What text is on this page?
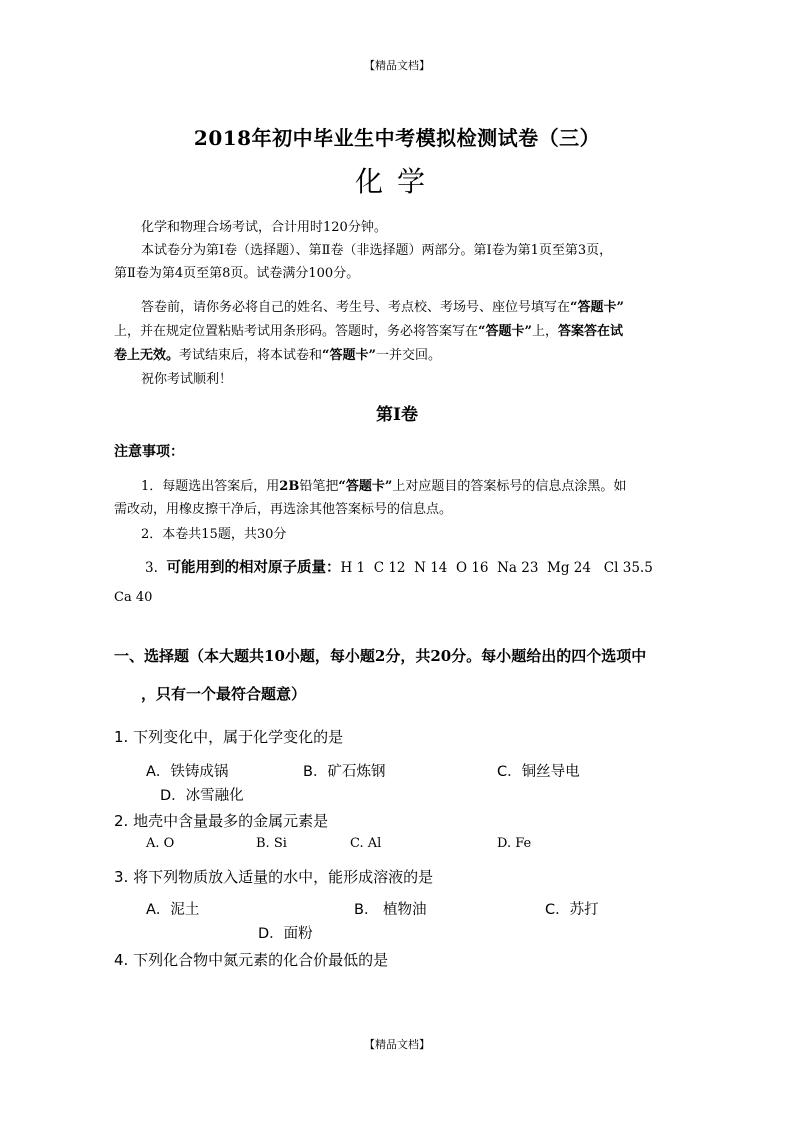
【精品文档】
2018年初中毕业生中考模拟检测试卷（三）
化学
化学和物理合场考试，合计用时120分钟。
本试卷分为第Ⅰ卷（选择题）、第Ⅱ卷（非选择题）两部分。第Ⅰ卷为第1页至第3页，
第Ⅱ卷为第4页至第8页。试卷满分100分。
答卷前，请你务必将自己的姓名、考生号、考点校、考场号、座位号填写在“答题卡”
上，并在规定位置粘贴考试用条形码。答题时，务必将答案写在“答题卡”上，答案答在试
卷上无效。考试结束后，将本试卷和“答题卡”一并交回。
祝你考试顺利！
第I卷
注意事项：
1．每题选出答案后，用2B铅笔把“答题卡”上对应题目的答案标号的信息点涂黑。如
需改动，用橡皮擦干净后，再选涂其他答案标号的信息点。
2．本卷共15题，共30分
3. 可能用到的相对原子质量：H 1  C 12  N 14  O 16  Na 23  Mg 24   Cl 35.5
Ca 40
一、选择题（本大题共10小题，每小题2分，共20分。每小题给出的四个选项中
，只有一个最符合题意）
1. 下列变化中，属于化学变化的是
A．铁铸成锅	B．矿石炼钢	C．铜丝导电
D．冰雪融化
2. 地壳中含量最多的金属元素是
A. O	B. Si	C. Al	D. Fe
3. 将下列物质放入适量的水中，能形成溶液的是
A．泥土	B． 植物油	C．苏打
D．面粉
4. 下列化合物中氮元素的化合价最低的是
【精品文档】
